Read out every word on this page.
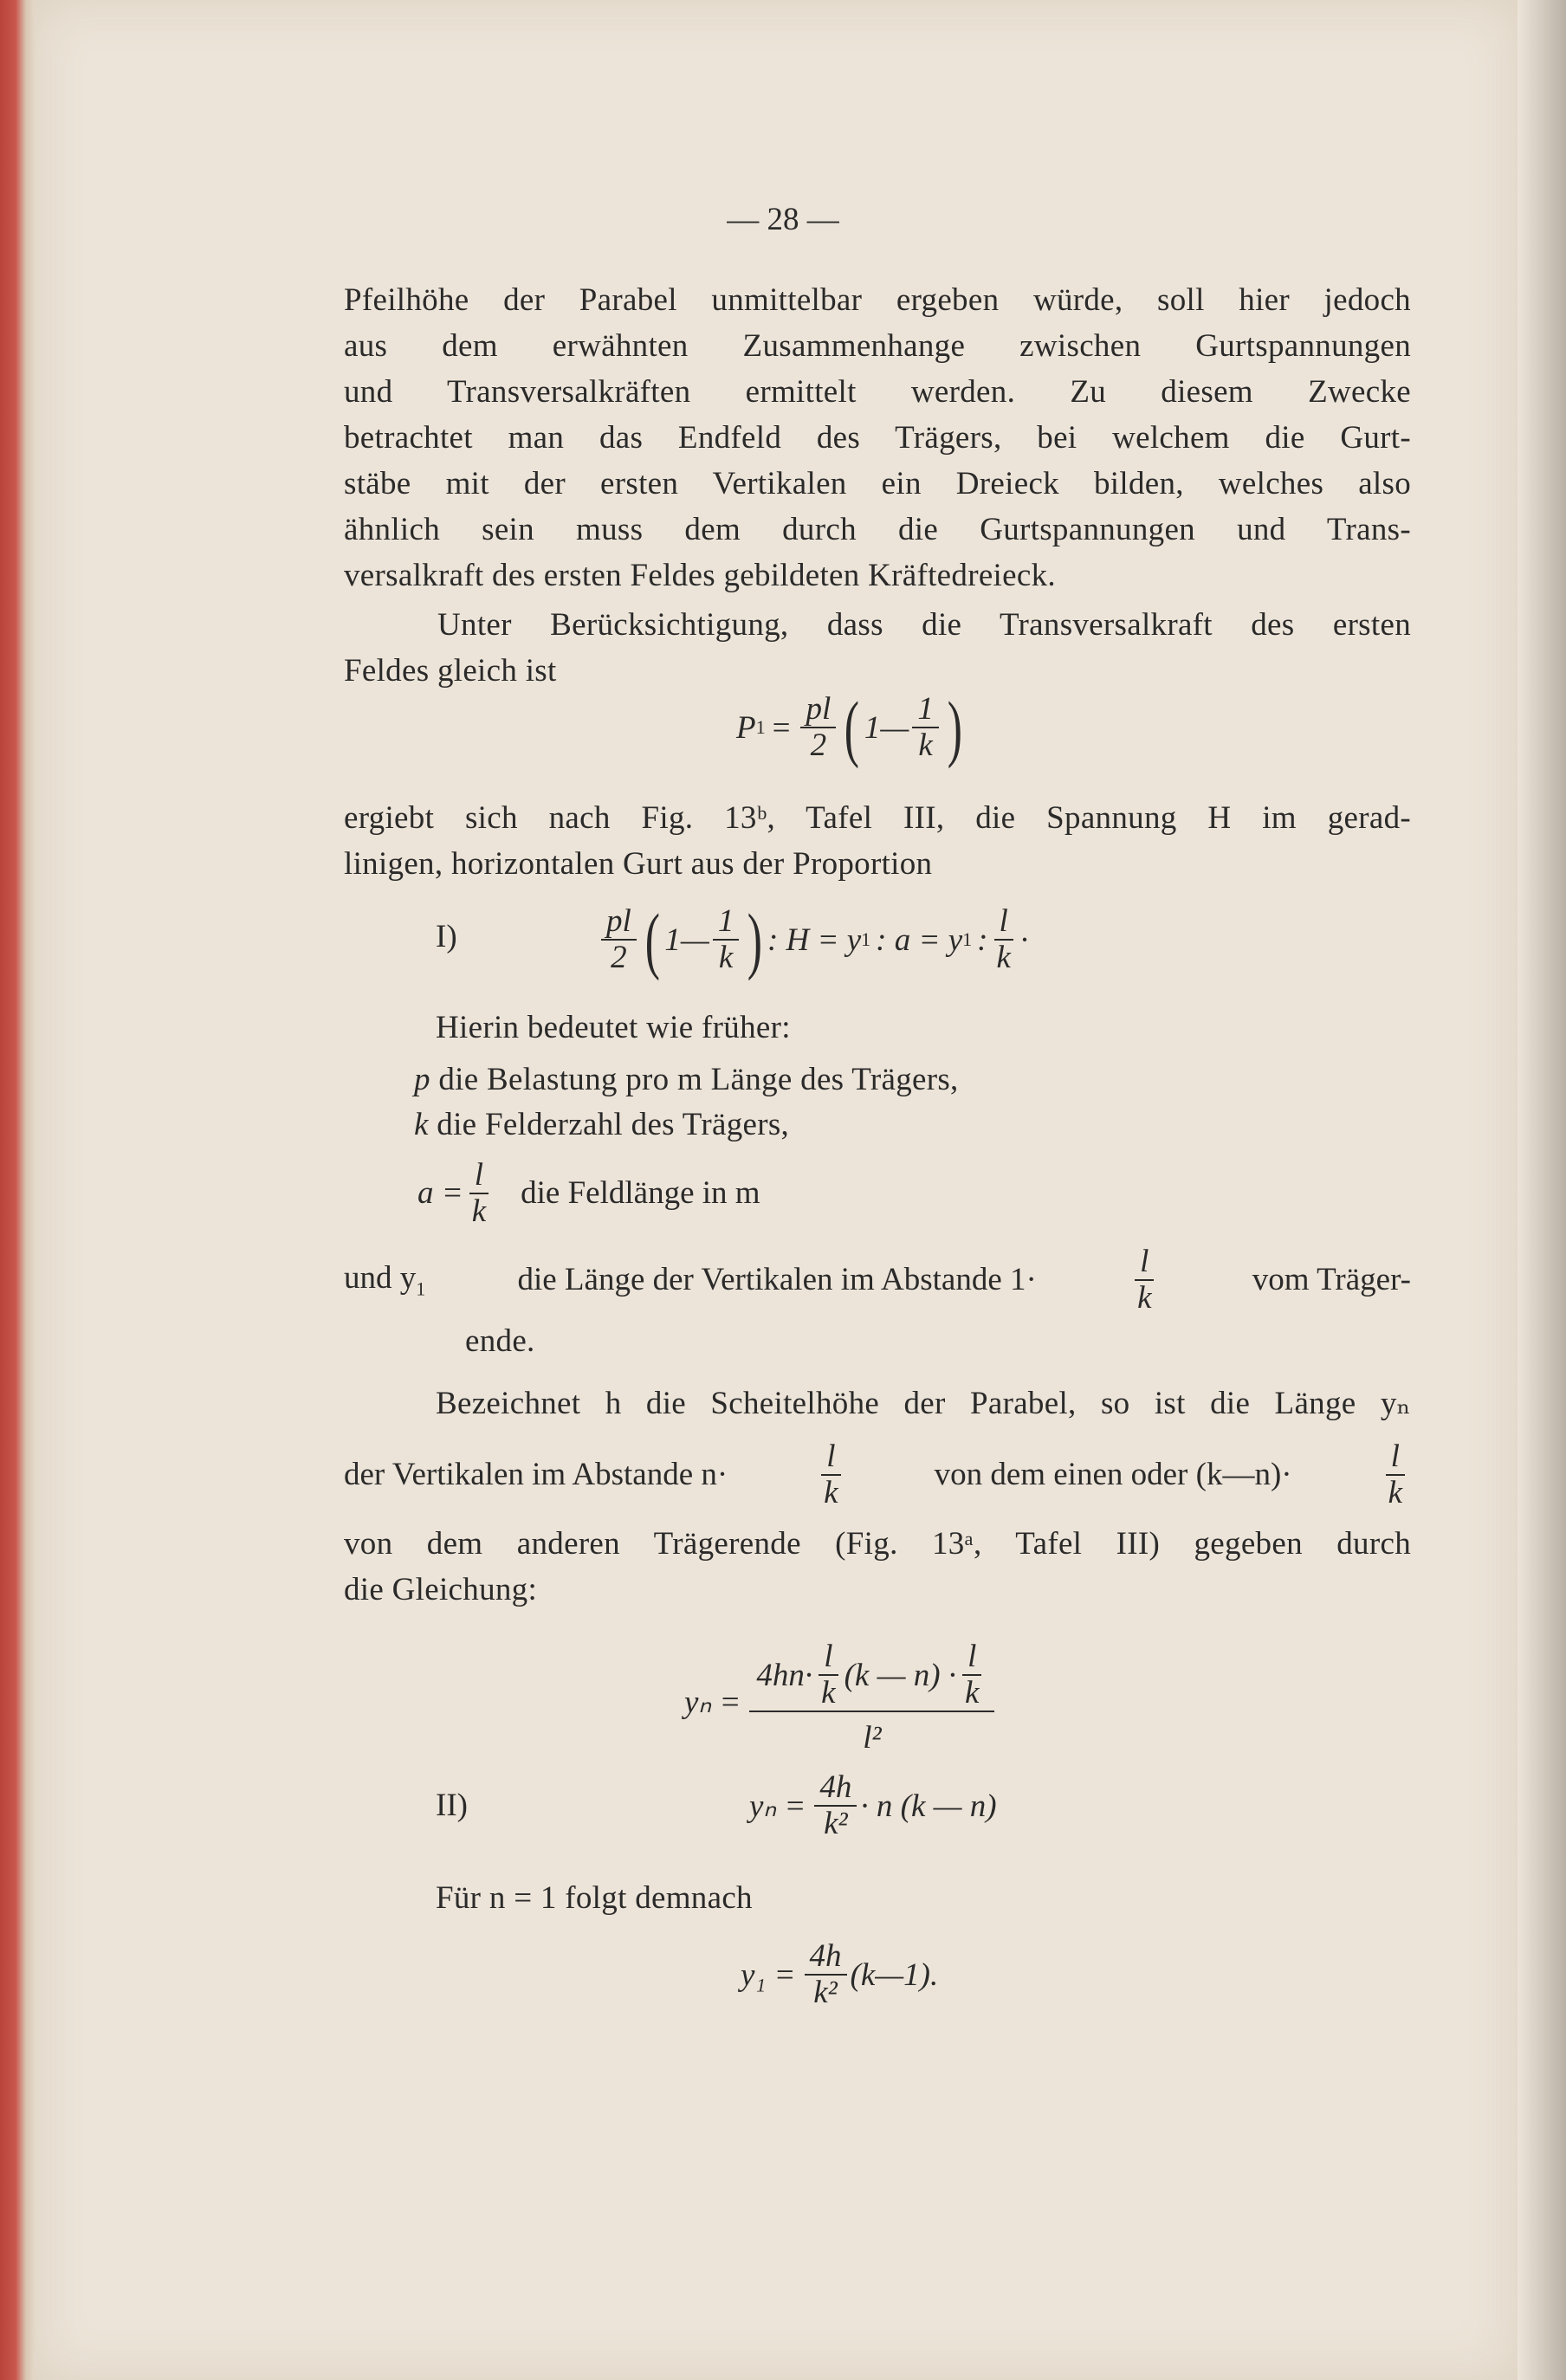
— 28 —
Pfeilhöhe der Parabel unmittelbar ergeben würde, soll hier jedoch
aus dem erwähnten Zusammenhange zwischen Gurtspannungen
und Transversalkräften ermittelt werden. Zu diesem Zwecke
betrachtet man das Endfeld des Trägers, bei welchem die Gurt-
stäbe mit der ersten Vertikalen ein Dreieck bilden, welches also
ähnlich sein muss dem durch die Gurtspannungen und Trans-
versalkraft des ersten Feldes gebildeten Kräftedreieck.
Unter Berücksichtigung, dass die Transversalkraft des ersten
Feldes gleich ist
P $1 = \frac{pl}{2}$ ( 1— $\frac{1}{k}$ )
ergiebt sich nach Fig. 13ᵇ, Tafel III, die Spannung H im gerad-
linigen, horizontalen Gurt aus der Proportion
I)	$\frac{pl}{2}$ ( 1— $\frac{1}{k}$ ) : H = y 1 : a = y 1 : $\frac{l}{k}$ ·
Hierin bedeutet wie früher:
p die Belastung pro m Länge des Trägers,
k die Felderzahl des Trägers,
$a = \frac{l}{k}$ die Feldlänge in m
und $y_1$	die Länge der Vertikalen im Abstande 1·	$\frac{l}{k}$	vom Träger-
ende.
Bezeichnet h die Scheitelhöhe der Parabel, so ist die Länge yₙ
der Vertikalen im Abstande n·	$\frac{l}{k}$	von dem einen oder (k—n)·	$\frac{l}{k}$
von dem anderen Trägerende (Fig. 13ᵃ, Tafel III) gegeben durch
die Gleichung:
$y_n = \frac{4hn\cdot \frac{l}{k} (k — n) \cdot \frac{l}{k}}{\text{l²}}$
II)	$y_n = \frac{4h}{\text{k²}} \cdot n$ (k — n)
Für n = 1 folgt demnach
$y_1 = \frac{4h}{\text{k²}}$ (k—1).
